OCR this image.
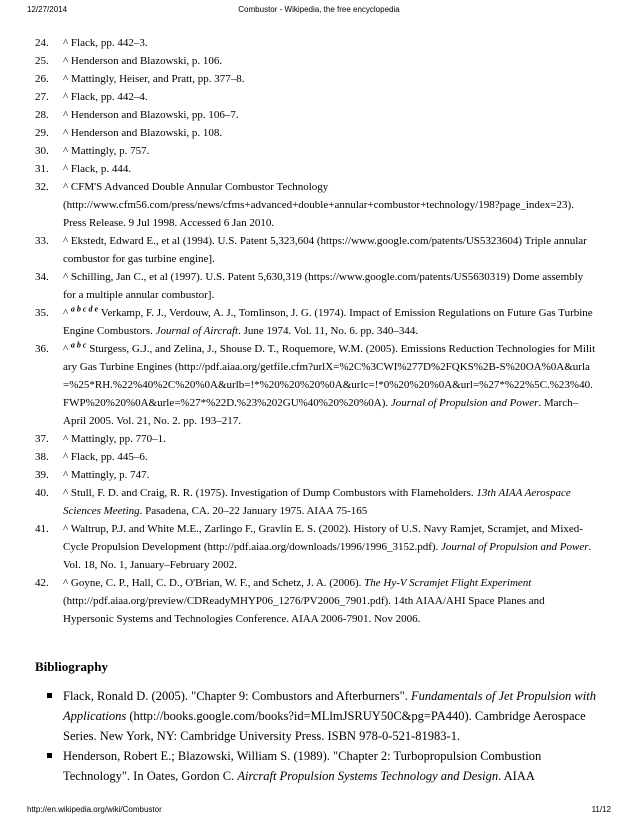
12/27/2014	Combustor - Wikipedia, the free encyclopedia
24. ^ Flack, pp. 442–3.
25. ^ Henderson and Blazowski, p. 106.
26. ^ Mattingly, Heiser, and Pratt, pp. 377–8.
27. ^ Flack, pp. 442–4.
28. ^ Henderson and Blazowski, pp. 106–7.
29. ^ Henderson and Blazowski, p. 108.
30. ^ Mattingly, p. 757.
31. ^ Flack, p. 444.
32. ^ CFM'S Advanced Double Annular Combustor Technology (http://www.cfm56.com/press/news/cfms+advanced+double+annular+combustor+technology/198?page_index=23). Press Release. 9 Jul 1998. Accessed 6 Jan 2010.
33. ^ Ekstedt, Edward E., et al (1994). U.S. Patent 5,323,604 (https://www.google.com/patents/US5323604) Triple annular combustor for gas turbine engine].
34. ^ Schilling, Jan C., et al (1997). U.S. Patent 5,630,319 (https://www.google.com/patents/US5630319) Dome assembly for a multiple annular combustor].
35. ^ $^{a b c d e}$ Verkamp, F. J., Verdouw, A. J., Tomlinson, J. G. (1974). Impact of Emission Regulations on Future Gas Turbine Engine Combustors. Journal of Aircraft. June 1974. Vol. 11, No. 6. pp. 340–344.
36. ^ $^{a b c}$ Sturgess, G.J., and Zelina, J., Shouse D. T., Roquemore, W.M. (2005). Emissions Reduction Technologies for Military Gas Turbine Engines (http://pdf.aiaa.org/getfile.cfm?urlX=%2C%3CWI%277D%2FQKS%2B-S%20OA%0A&urla=%25*RH.%22%40%2C%20%0A&urlb=!*%20%20%20%0A&urlc=!*0%20%20%0A&url=%27*%22%5C.%23%40.FWP%20%20%0A&urle=%27*%22D.%23%202GU%40%20%20%0A). Journal of Propulsion and Power. March–April 2005. Vol. 21, No. 2. pp. 193–217.
37. ^ Mattingly, pp. 770–1.
38. ^ Flack, pp. 445–6.
39. ^ Mattingly, p. 747.
40. ^ Stull, F. D. and Craig, R. R. (1975). Investigation of Dump Combustors with Flameholders. 13th AIAA Aerospace Sciences Meeting. Pasadena, CA. 20–22 January 1975. AIAA 75-165
41. ^ Waltrup, P.J. and White M.E., Zarlingo F., Gravlin E. S. (2002). History of U.S. Navy Ramjet, Scramjet, and Mixed-Cycle Propulsion Development (http://pdf.aiaa.org/downloads/1996/1996_3152.pdf). Journal of Propulsion and Power. Vol. 18, No. 1, January–February 2002.
42. ^ Goyne, C. P., Hall, C. D., O'Brian, W. F., and Schetz, J. A. (2006). The Hy-V Scramjet Flight Experiment (http://pdf.aiaa.org/preview/CDReadyMHYP06_1276/PV2006_7901.pdf). 14th AIAA/AHI Space Planes and Hypersonic Systems and Technologies Conference. AIAA 2006-7901. Nov 2006.
Bibliography
Flack, Ronald D. (2005). "Chapter 9: Combustors and Afterburners". Fundamentals of Jet Propulsion with Applications (http://books.google.com/books?id=MLlmJSRUY50C&pg=PA440). Cambridge Aerospace Series. New York, NY: Cambridge University Press. ISBN 978-0-521-81983-1.
Henderson, Robert E.; Blazowski, William S. (1989). "Chapter 2: Turbopropulsion Combustion Technology". In Oates, Gordon C. Aircraft Propulsion Systems Technology and Design. AIAA
http://en.wikipedia.org/wiki/Combustor	11/12
